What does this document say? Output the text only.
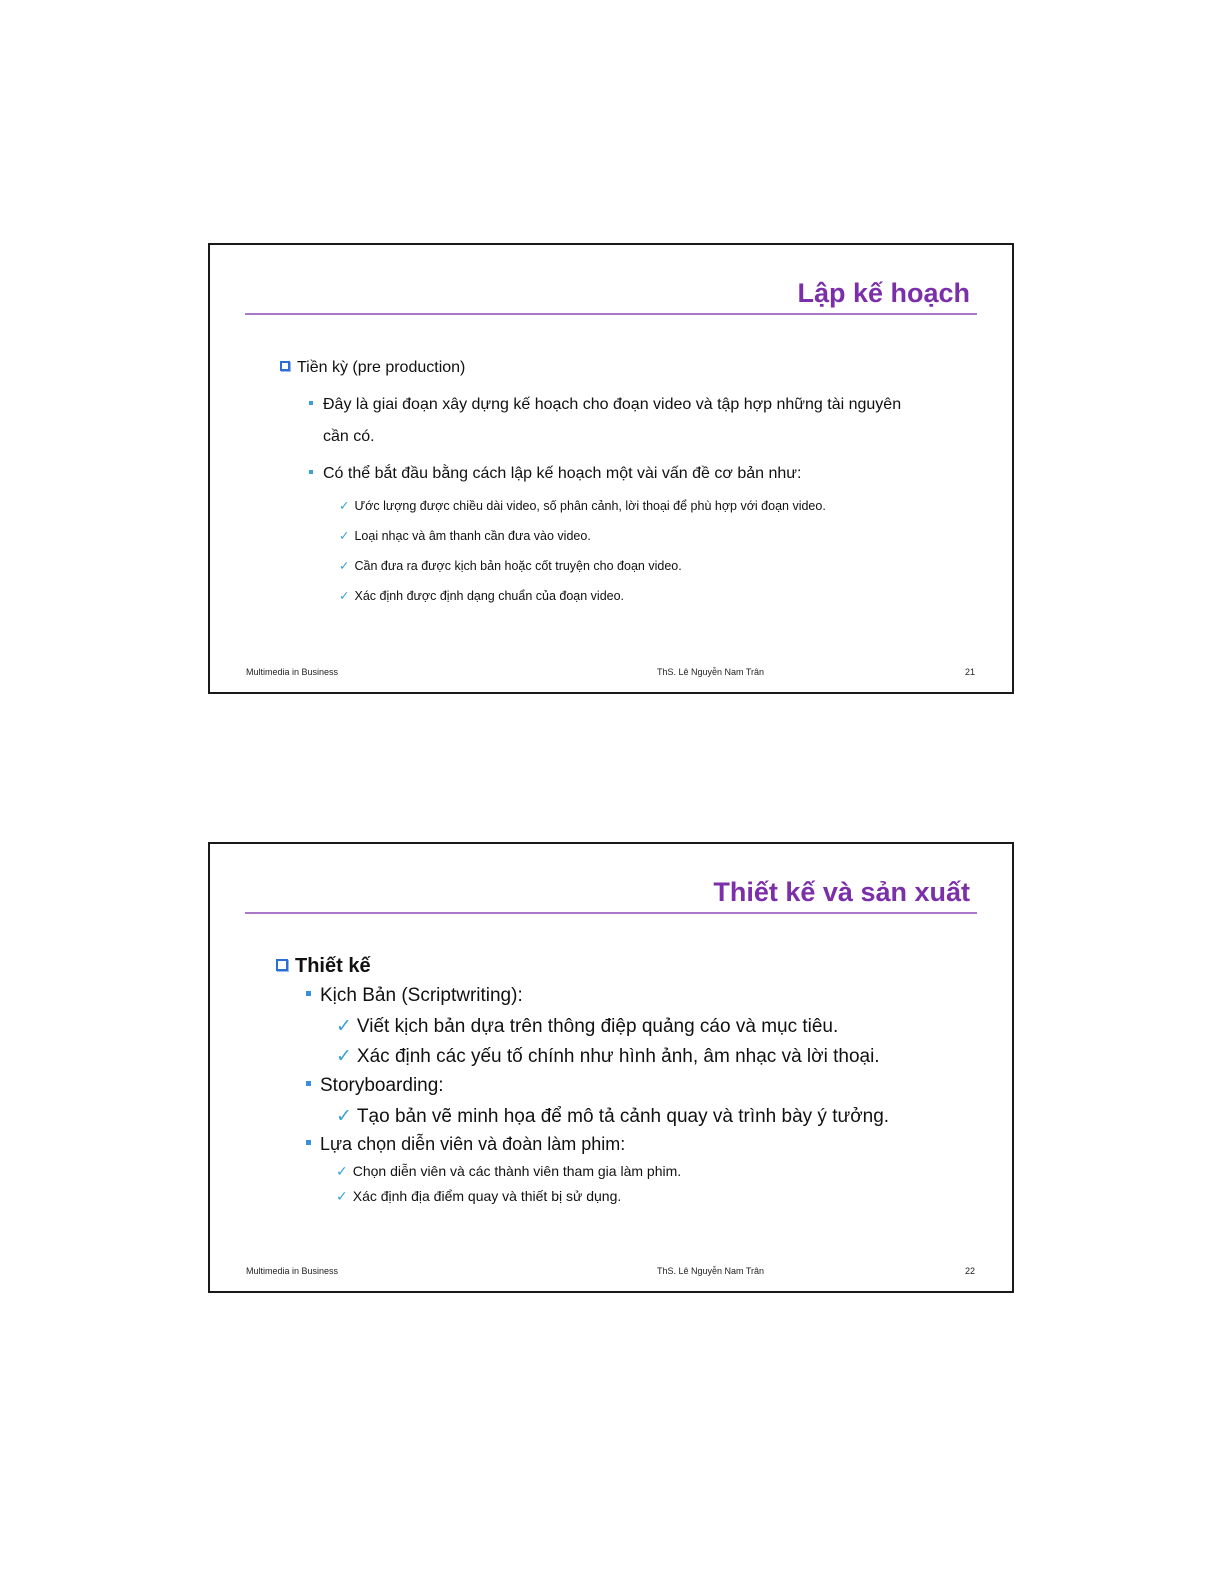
Lập kế hoạch
Tiền kỳ (pre production)
Đây là giai đoạn xây dựng kế hoạch cho đoạn video và tập hợp những tài nguyên
cần có.
Có thể bắt đầu bằng cách lập kế hoạch một vài vấn đề cơ bản như:
✓ Ước lượng được chiều dài video, số phân cảnh, lời thoại để phù hợp với đoạn video.
✓ Loại nhạc và âm thanh cần đưa vào video.
✓ Cần đưa ra được kịch bản hoặc cốt truyện cho đoạn video.
✓ Xác định được định dạng chuẩn của đoạn video.
Multimedia in Business	ThS. Lê Nguyễn Nam Trân	21
Thiết kế và sản xuất
Thiết kế
Kịch Bản (Scriptwriting):
✓ Viết kịch bản dựa trên thông điệp quảng cáo và mục tiêu.
✓ Xác định các yếu tố chính như hình ảnh, âm nhạc và lời thoại.
Storyboarding:
✓ Tạo bản vẽ minh họa để mô tả cảnh quay và trình bày ý tưởng.
Lựa chọn diễn viên và đoàn làm phim:
✓ Chọn diễn viên và các thành viên tham gia làm phim.
✓ Xác định địa điểm quay và thiết bị sử dụng.
Multimedia in Business	ThS. Lê Nguyễn Nam Trân	22
